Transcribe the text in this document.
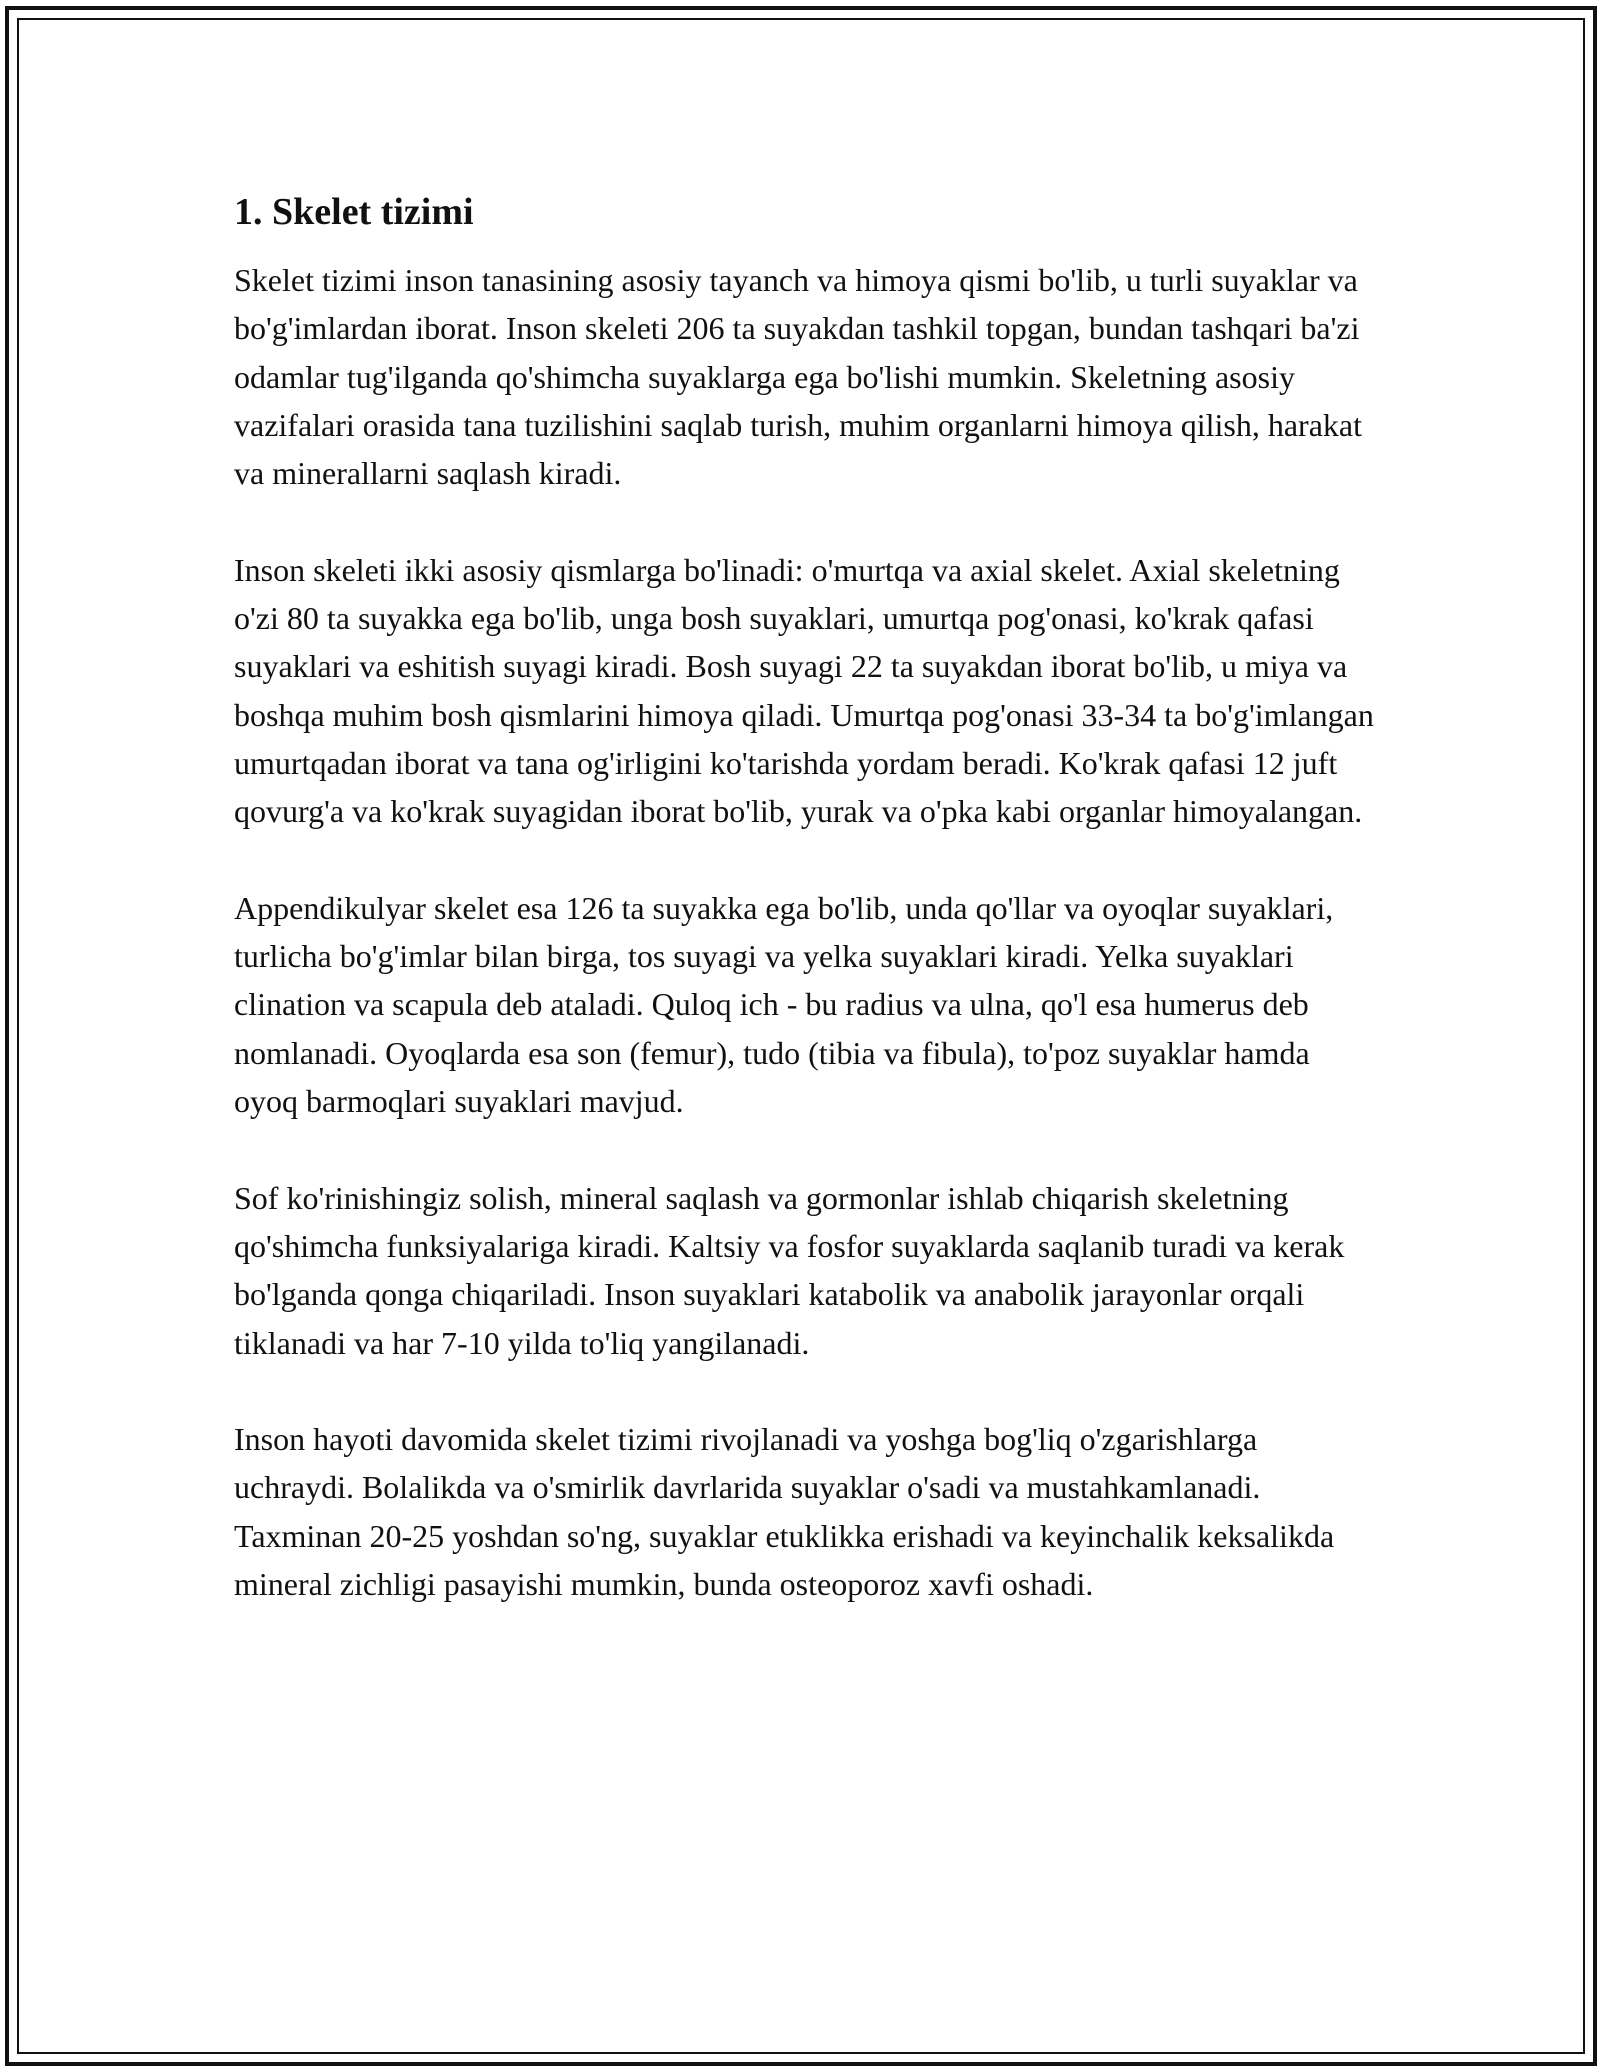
1. Skelet tizimi

Skelet tizimi inson tanasining asosiy tayanch va himoya qismi bo'lib, u turli suyaklar va bo'g'imlardan iborat. Inson skeleti 206 ta suyakdan tashkil topgan, bundan tashqari ba'zi odamlar tug'ilganda qo'shimcha suyaklarga ega bo'lishi mumkin. Skeletning asosiy vazifalari orasida tana tuzilishini saqlab turish, muhim organlarni himoya qilish, harakat va minerallarni saqlash kiradi.

Inson skeleti ikki asosiy qismlarga bo'linadi: o'murtqa va axial skelet. Axial skeletning o'zi 80 ta suyakka ega bo'lib, unga bosh suyaklari, umurtqa pog'onasi, ko'krak qafasi suyaklari va eshitish suyagi kiradi. Bosh suyagi 22 ta suyakdan iborat bo'lib, u miya va boshqa muhim bosh qismlarini himoya qiladi. Umurtqa pog'onasi 33-34 ta bo'g'imlangan umurtqadan iborat va tana og'irligini ko'tarishda yordam beradi. Ko'krak qafasi 12 juft qovurg'a va ko'krak suyagidan iborat bo'lib, yurak va o'pka kabi organlar himoyalangan.

Appendikulyar skelet esa 126 ta suyakka ega bo'lib, unda qo'llar va oyoqlar suyaklari, turlicha bo'g'imlar bilan birga, tos suyagi va yelka suyaklari kiradi. Yelka suyaklari clination va scapula deb ataladi. Quloq ich - bu radius va ulna, qo'l esa humerus deb nomlanadi. Oyoqlarda esa son (femur), tudo (tibia va fibula), to'poz suyaklar hamda oyoq barmoqlari suyaklari mavjud.

Sof ko'rinishingiz solish, mineral saqlash va gormonlar ishlab chiqarish skeletning qo'shimcha funksiyalariga kiradi. Kaltsiy va fosfor suyaklarda saqlanib turadi va kerak bo'lganda qonga chiqariladi. Inson suyaklari katabolik va anabolik jarayonlar orqali tiklanadi va har 7-10 yilda to'liq yangilanadi.

Inson hayoti davomida skelet tizimi rivojlanadi va yoshga bog'liq o'zgarishlarga uchraydi. Bolalikda va o'smirlik davrlarida suyaklar o'sadi va mustahkamlanadi. Taxminan 20-25 yoshdan so'ng, suyaklar etuklikka erishadi va keyinchalik keksalikda mineral zichligi pasayishi mumkin, bunda osteoporoz xavfi oshadi.
